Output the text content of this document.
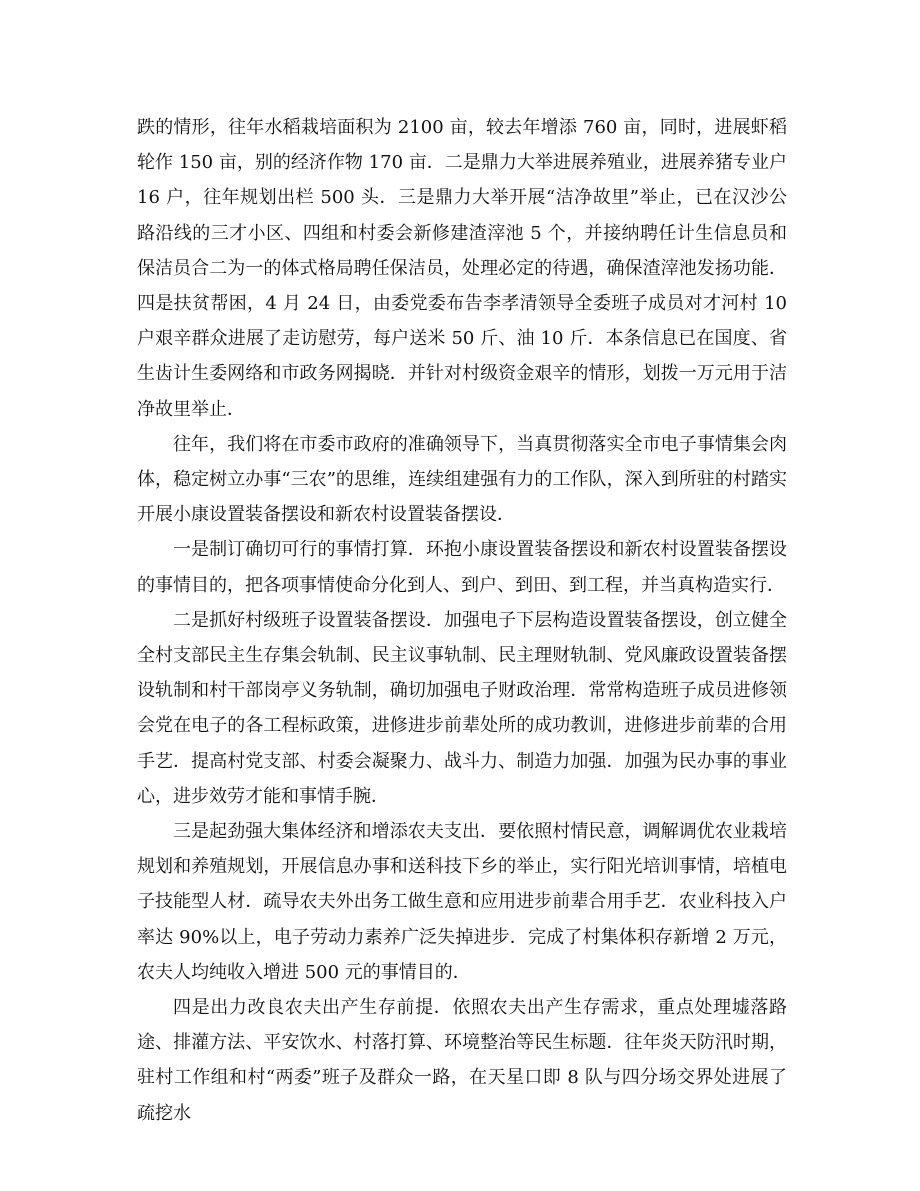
跌的情形，往年水稻栽培面积为 2100 亩，较去年增添 760 亩，同时，进展虾稻轮作 150 亩，别的经济作物 170 亩．二是鼎力大举进展养殖业，进展养猪专业户 16 户，往年规划出栏 500 头．三是鼎力大举开展“洁净故里”举止，已在汉沙公路沿线的三才小区、四组和村委会新修建渣滓池 5 个，并接纳聘任计生信息员和保洁员合二为一的体式格局聘任保洁员，处理必定的待遇，确保渣滓池发扬功能．四是扶贫帮困，4 月 24 日，由委党委布告李孝清领导全委班子成员对才河村 10 户艰辛群众进展了走访慰劳，每户送米 50 斤、油 10 斤．本条信息已在国度、省生齿计生委网络和市政务网揭晓．并针对村级资金艰辛的情形，划拨一万元用于洁净故里举止．

往年，我们将在市委市政府的准确领导下，当真贯彻落实全市电子事情集会肉体，稳定树立办事“三农”的思维，连续组建强有力的工作队，深入到所驻的村踏实开展小康设置装备摆设和新农村设置装备摆设．

一是制订确切可行的事情打算．环抱小康设置装备摆设和新农村设置装备摆设的事情目的，把各项事情使命分化到人、到户、到田、到工程，并当真构造实行．

二是抓好村级班子设置装备摆设．加强电子下层构造设置装备摆设，创立健全全村支部民主生存集会轨制、民主议事轨制、民主理财轨制、党风廉政设置装备摆设轨制和村干部岗亭义务轨制，确切加强电子财政治理．常常构造班子成员进修领会党在电子的各工程标政策，进修进步前辈处所的成功教训，进修进步前辈的合用手艺．提高村党支部、村委会凝聚力、战斗力、制造力加强．加强为民办事的事业心，进步效劳才能和事情手腕．

三是起劲强大集体经济和增添农夫支出．要依照村情民意，调解调优农业栽培规划和养殖规划，开展信息办事和送科技下乡的举止，实行阳光培训事情，培植电子技能型人材．疏导农夫外出务工做生意和应用进步前辈合用手艺．农业科技入户率达 90%以上，电子劳动力素养广泛失掉进步．完成了村集体积存新增 2 万元，农夫人均纯收入增进 500 元的事情目的．

四是出力改良农夫出产生存前提．依照农夫出产生存需求，重点处理墟落路途、排灌方法、平安饮水、村落打算、环境整治等民生标题．往年炎天防汛时期，驻村工作组和村“两委”班子及群众一路，在天星口即 8 队与四分场交界处进展了疏挖水
